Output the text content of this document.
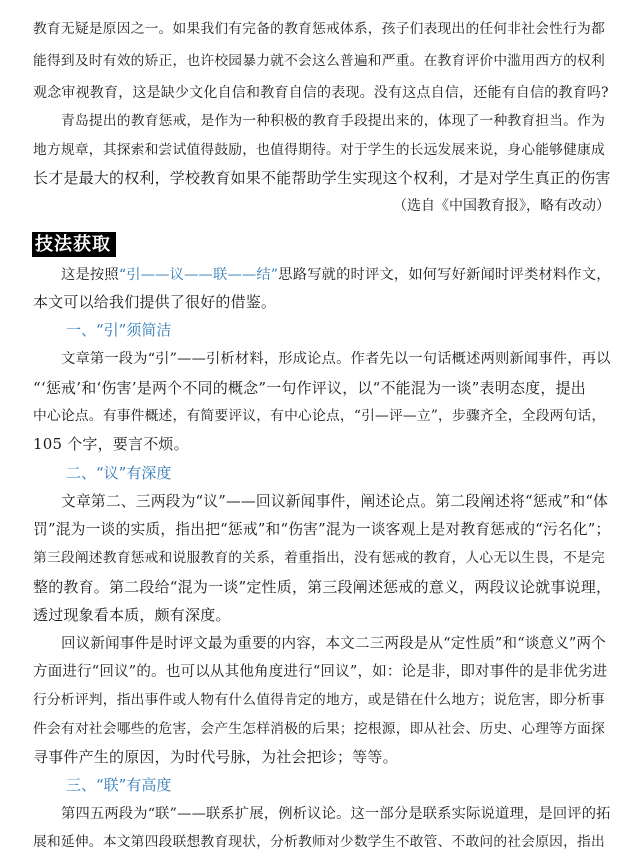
教育无疑是原因之一。如果我们有完备的教育惩戒体系，孩子们表现出的任何非社会性行为都
能得到及时有效的矫正，也许校园暴力就不会这么普遍和严重。在教育评价中滥用西方的权利
观念审视教育，这是缺少文化自信和教育自信的表现。没有这点自信，还能有自信的教育吗?
青岛提出的教育惩戒，是作为一种积极的教育手段提出来的，体现了一种教育担当。作为
地方规章，其探索和尝试值得鼓励，也值得期待。对于学生的长远发展来说，身心能够健康成
长才是最大的权利，学校教育如果不能帮助学生实现这个权利，才是对学生真正的伤害
（选自《中国教育报》，略有改动）
技法获取
这是按照“引——议——联——结”思路写就的时评文，如何写好新闻时评类材料作文，
本文可以给我们提供了很好的借鉴。
一、“引”须简洁
文章第一段为“引”——引析材料，形成论点。作者先以一句话概述两则新闻事件，再以
“‘惩戒’和‘伤害’是两个不同的概念”一句作评议，以“不能混为一谈”表明态度，提出
中心论点。有事件概述，有简要评议，有中心论点，“引—评—立”，步骤齐全，全段两句话，
105 个字，要言不烦。
二、“议”有深度
文章第二、三两段为“议”——回议新闻事件，阐述论点。第二段阐述将“惩戒”和“体
罚”混为一谈的实质，指出把“惩戒”和“伤害”混为一谈客观上是对教育惩戒的“污名化”；
第三段阐述教育惩戒和说服教育的关系，着重指出，没有惩戒的教育，人心无以生畏，不是完
整的教育。第二段给“混为一谈”定性质，第三段阐述惩戒的意义，两段议论就事说理，
透过现象看本质，颇有深度。
回议新闻事件是时评文最为重要的内容，本文二三两段是从“定性质”和“谈意义”两个
方面进行“回议”的。也可以从其他角度进行“回议”，如：论是非，即对事件的是非优劣进
行分析评判，指出事件或人物有什么值得肯定的地方，或是错在什么地方；说危害，即分析事
件会有对社会哪些的危害，会产生怎样消极的后果；挖根源，即从社会、历史、心理等方面探
寻事件产生的原因，为时代号脉，为社会把诊；等等。
三、“联”有高度
第四五两段为“联”——联系扩展，例析议论。这一部分是联系实际说道理，是回评的拓
展和延伸。本文第四段联想教育现状，分析教师对少数学生不敢管、不敢问的社会原因，指出
